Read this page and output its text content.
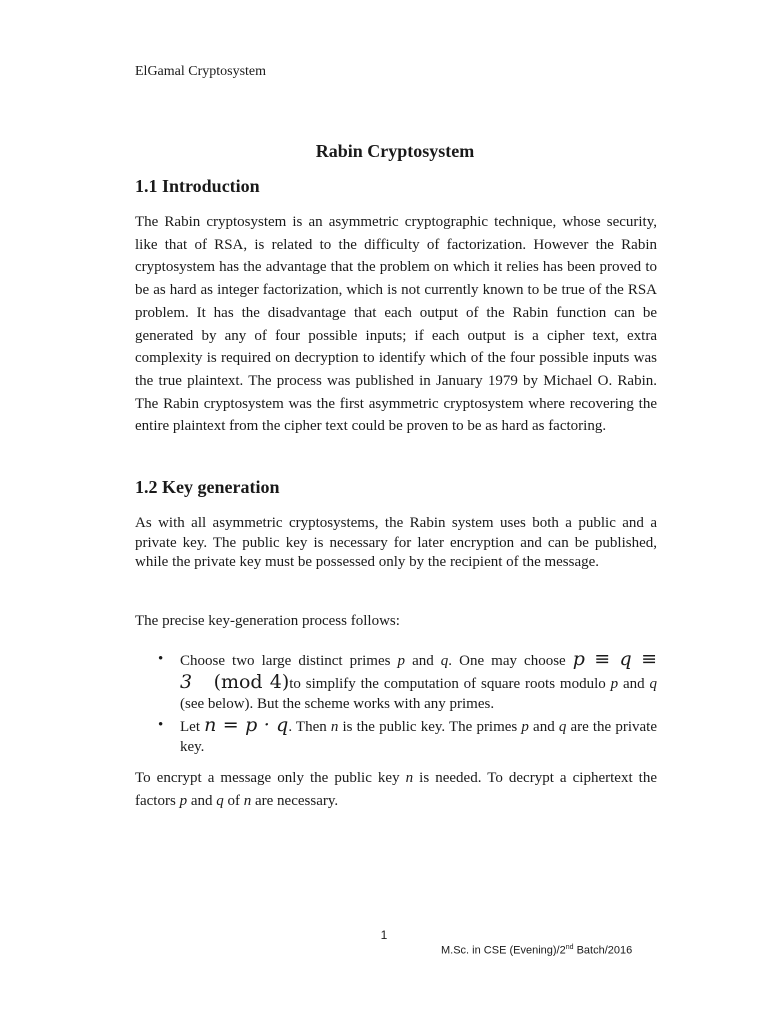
ElGamal Cryptosystem
Rabin Cryptosystem
1.1 Introduction
The Rabin cryptosystem is an asymmetric cryptographic technique, whose security, like that of RSA, is related to the difficulty of factorization. However the Rabin cryptosystem has the advantage that the problem on which it relies has been proved to be as hard as integer factorization, which is not currently known to be true of the RSA problem. It has the disadvantage that each output of the Rabin function can be generated by any of four possible inputs; if each output is a cipher text, extra complexity is required on decryption to identify which of the four possible inputs was the true plaintext. The process was published in January 1979 by Michael O. Rabin. The Rabin cryptosystem was the first asymmetric cryptosystem where recovering the entire plaintext from the cipher text could be proven to be as hard as factoring.
1.2 Key generation
As with all asymmetric cryptosystems, the Rabin system uses both a public and a private key. The public key is necessary for later encryption and can be published, while the private key must be possessed only by the recipient of the message.
The precise key-generation process follows:
• Choose two large distinct primes p and q. One may choose p ≡ q ≡ 3 (mod 4)to simplify the computation of square roots modulo p and q (see below). But the scheme works with any primes.
• Let n = p · q. Then n is the public key. The primes p and q are the private key.
To encrypt a message only the public key n is needed. To decrypt a ciphertext the factors p and q of n are necessary.
1
M.Sc. in CSE (Evening)/2nd Batch/2016
